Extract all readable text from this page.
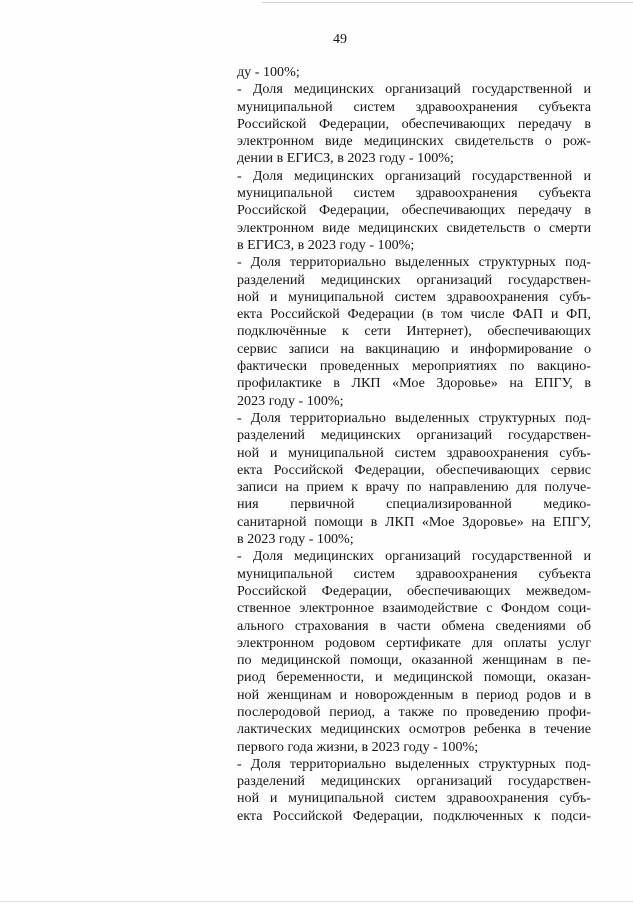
49
ду - 100%;
- Доля медицинских организаций государственной и
муниципальной систем здравоохранения субъекта
Российской Федерации, обеспечивающих передачу в
электронном виде медицинских свидетельств о рож-
дении в ЕГИСЗ, в 2023 году - 100%;
- Доля медицинских организаций государственной и
муниципальной систем здравоохранения субъекта
Российской Федерации, обеспечивающих передачу в
электронном виде медицинских свидетельств о смерти
в ЕГИСЗ, в 2023 году - 100%;
- Доля территориально выделенных структурных под-
разделений медицинских организаций государствен-
ной и муниципальной систем здравоохранения субъ-
екта Российской Федерации (в том числе ФАП и ФП,
подключённые к сети Интернет), обеспечивающих
сервис записи на вакцинацию и информирование о
фактически проведенных мероприятиях по вакцино-
профилактике в ЛКП «Мое Здоровье» на ЕПГУ, в
2023 году - 100%;
- Доля территориально выделенных структурных под-
разделений медицинских организаций государствен-
ной и муниципальной систем здравоохранения субъ-
екта Российской Федерации, обеспечивающих сервис
записи на прием к врачу по направлению для получе-
ния первичной специализированной медико-
санитарной помощи в ЛКП «Мое Здоровье» на ЕПГУ,
в 2023 году - 100%;
- Доля медицинских организаций государственной и
муниципальной систем здравоохранения субъекта
Российской Федерации, обеспечивающих межведом-
ственное электронное взаимодействие с Фондом соци-
ального страхования в части обмена сведениями об
электронном родовом сертификате для оплаты услуг
по медицинской помощи, оказанной женщинам в пе-
риод беременности, и медицинской помощи, оказан-
ной женщинам и новорожденным в период родов и в
послеродовой период, а также по проведению профи-
лактических медицинских осмотров ребенка в течение
первого года жизни, в 2023 году - 100%;
- Доля территориально выделенных структурных под-
разделений медицинских организаций государствен-
ной и муниципальной систем здравоохранения субъ-
екта Российской Федерации, подключенных к подси-
